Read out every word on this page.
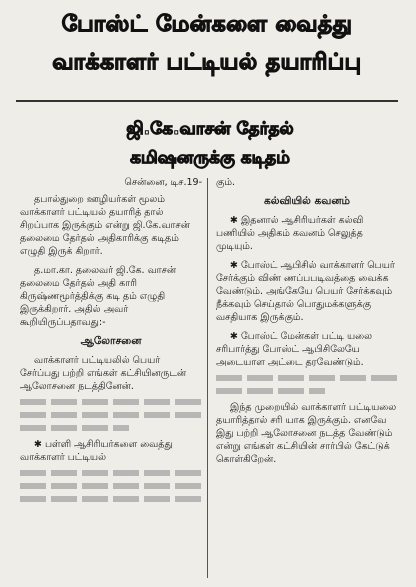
போஸ்ட் மேன்களை வைத்து
வாக்காளர் பட்டியல் தயாரிப்பு
ஜி.கே.வாசன் தேர்தல்
கமிஷனருக்கு கடிதம்
சென்னை, டிச.19-

தபால்துறை ஊழியர்கள் மூலம் வாக்காளர் பட்டியல் தயாரித் தால் சிறப்பாக இருக்கும் என்று ஜி.கே.வாசன் தலைமை தேர்தல் அதிகாரிக்கு கடிதம் எழுதி இருக் கிறார்.

த.மா.கா. தலைவர் ஜி.கே. வாசன் தலைமை தேர்தல் அதி காரி கிருஷ்ணமூர்த்திக்கு கடி தம் எழுதி இருக்கிறார். அதில் அவர் கூறியிருப்பதாவது:-

ஆலோசனை

வாக்காளர் பட்டியலில் பெயர் சேர்ப்பது பற்றி எங்கள் கட்சியினருடன் ஆலோசனை நடத்தினேன்.

✱ பள்ளி ஆசிரியர்களை வைத்து வாக்காளர் பட்டியல்

கும்.

கல்வியில் கவனம்

✱ இதனால் ஆசிரியர்கள் கல்வி பணியில் அதிகம் கவனம் செலுத்த முடியும்.

✱ போஸ்ட் ஆபிசில் வாக்காளர் பெயர் சேர்க்கும் விண் ணப்பபடிவத்தை வைக்க வேண்டும். அங்கேயே பெயர் சேர்க்கவும் நீக்கவும் செய்தால் பொதுமக்களுக்கு வசதியாக இருக்கும்.

✱ போஸ்ட் மேன்கள் பட்டி யலை சரிபார்த்து போஸ்ட் ஆபிசிலேயே அடையாள அட்டை தரவேண்டும்.

இந்த முறையில் வாக்காளர் பட்டியலை தயாரித்தால் சரி யாக இருக்கும். எனவே இது பற்றி ஆலோசனை நடத்த வேண்டும் என்று எங்கள் கட்சியின் சார்பில் கேட்டுக் கொள்கிறேன்.
